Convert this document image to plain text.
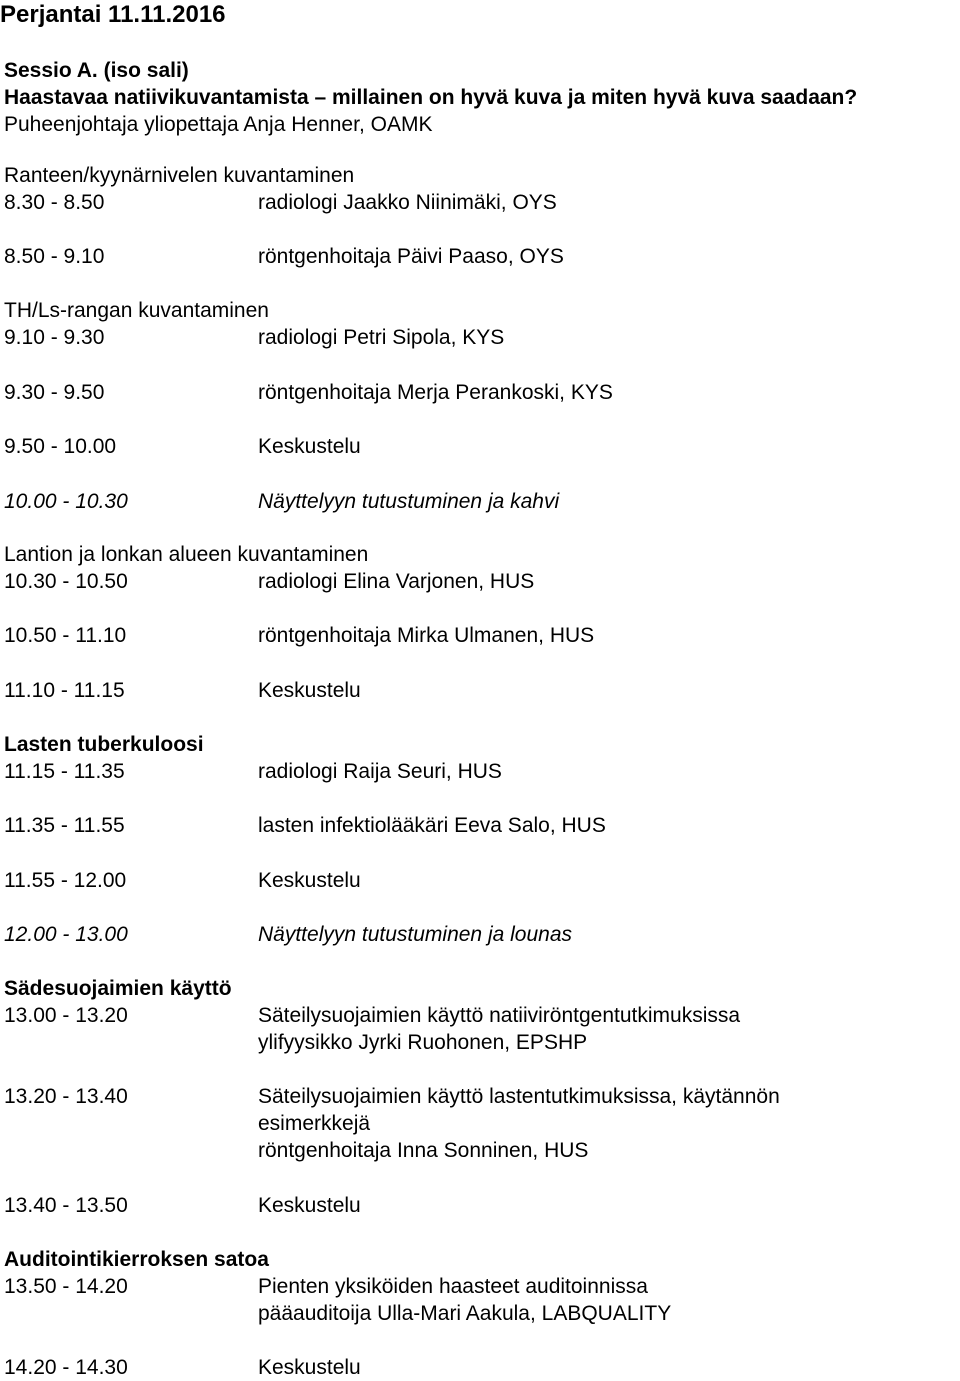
Perjantai 11.11.2016
Sessio A. (iso sali)
Haastavaa natiivikuvantamista – millainen on hyvä kuva ja miten hyvä kuva saadaan?
Puheenjohtaja yliopettaja Anja Henner, OAMK
Ranteen/kyynärnivelen kuvantaminen
8.30 - 8.50	radiologi Jaakko Niinimäki, OYS
8.50 - 9.10	röntgenhoitaja Päivi Paaso, OYS
TH/Ls-rangan kuvantaminen
9.10 - 9.30	radiologi Petri Sipola, KYS
9.30 - 9.50	röntgenhoitaja Merja Perankoski, KYS
9.50 - 10.00	Keskustelu
10.00 - 10.30	Näyttelyyn tutustuminen ja kahvi
Lantion ja lonkan alueen kuvantaminen
10.30 - 10.50	radiologi Elina Varjonen, HUS
10.50 - 11.10	röntgenhoitaja Mirka Ulmanen, HUS
11.10 - 11.15	Keskustelu
Lasten tuberkuloosi
11.15 - 11.35	radiologi Raija Seuri, HUS
11.35 - 11.55	lasten infektiolääkäri Eeva Salo, HUS
11.55 - 12.00	Keskustelu
12.00 - 13.00	Näyttelyyn tutustuminen ja lounas
Sädesuojaimien käyttö
13.00 - 13.20	Säteilysuojaimien käyttö natiiviröntgentutkimuksissa
ylifyysikko Jyrki Ruohonen, EPSHP
13.20 - 13.40	Säteilysuojaimien käyttö lastentutkimuksissa, käytännön
esimerkkejä
röntgenhoitaja Inna Sonninen, HUS
13.40 - 13.50	Keskustelu
Auditointikierroksen satoa
13.50 - 14.20	Pienten yksiköiden haasteet auditoinnissa
pääauditoija Ulla-Mari Aakula, LABQUALITY
14.20 - 14.30	Keskustelu
